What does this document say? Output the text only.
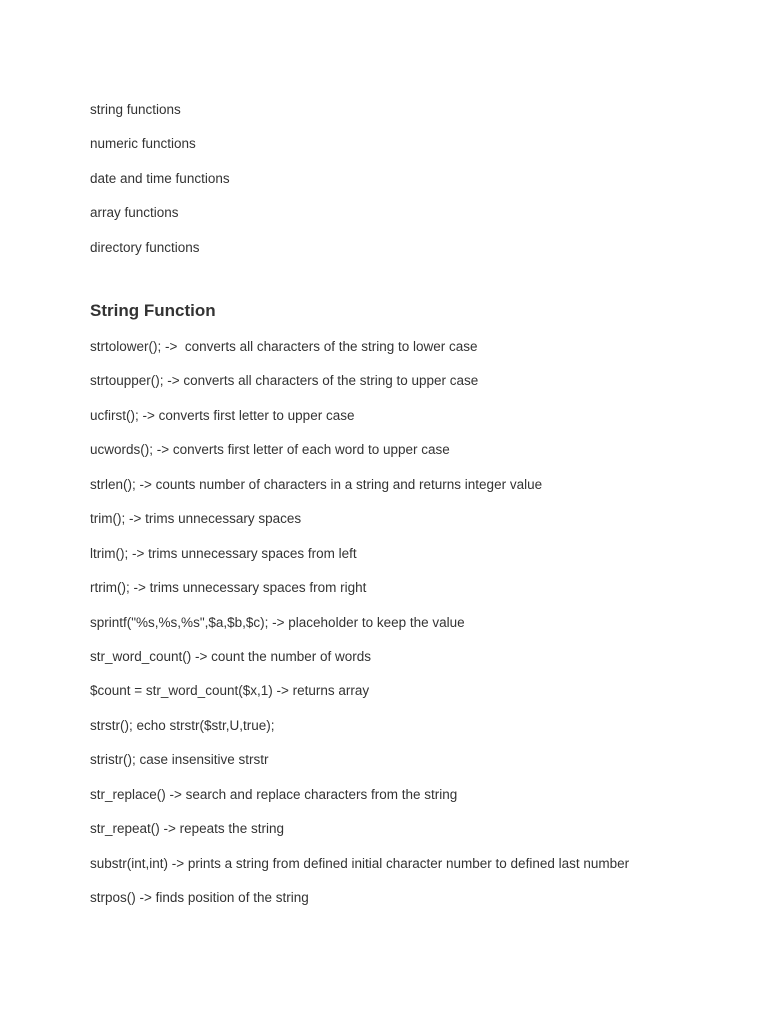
string functions
numeric functions
date and time functions
array functions
directory functions
String Function
strtolower(); ->  converts all characters of the string to lower case
strtoupper(); -> converts all characters of the string to upper case
ucfirst(); -> converts first letter to upper case
ucwords(); -> converts first letter of each word to upper case
strlen(); -> counts number of characters in a string and returns integer value
trim(); -> trims unnecessary spaces
ltrim(); -> trims unnecessary spaces from left
rtrim(); -> trims unnecessary spaces from right
sprintf("%s,%s,%s",$a,$b,$c); -> placeholder to keep the value
str_word_count() -> count the number of words
$count = str_word_count($x,1) -> returns array
strstr(); echo strstr($str,U,true);
stristr(); case insensitive strstr
str_replace() -> search and replace characters from the string
str_repeat() -> repeats the string
substr(int,int) -> prints a string from defined initial character number to defined last number
strpos() -> finds position of the string
